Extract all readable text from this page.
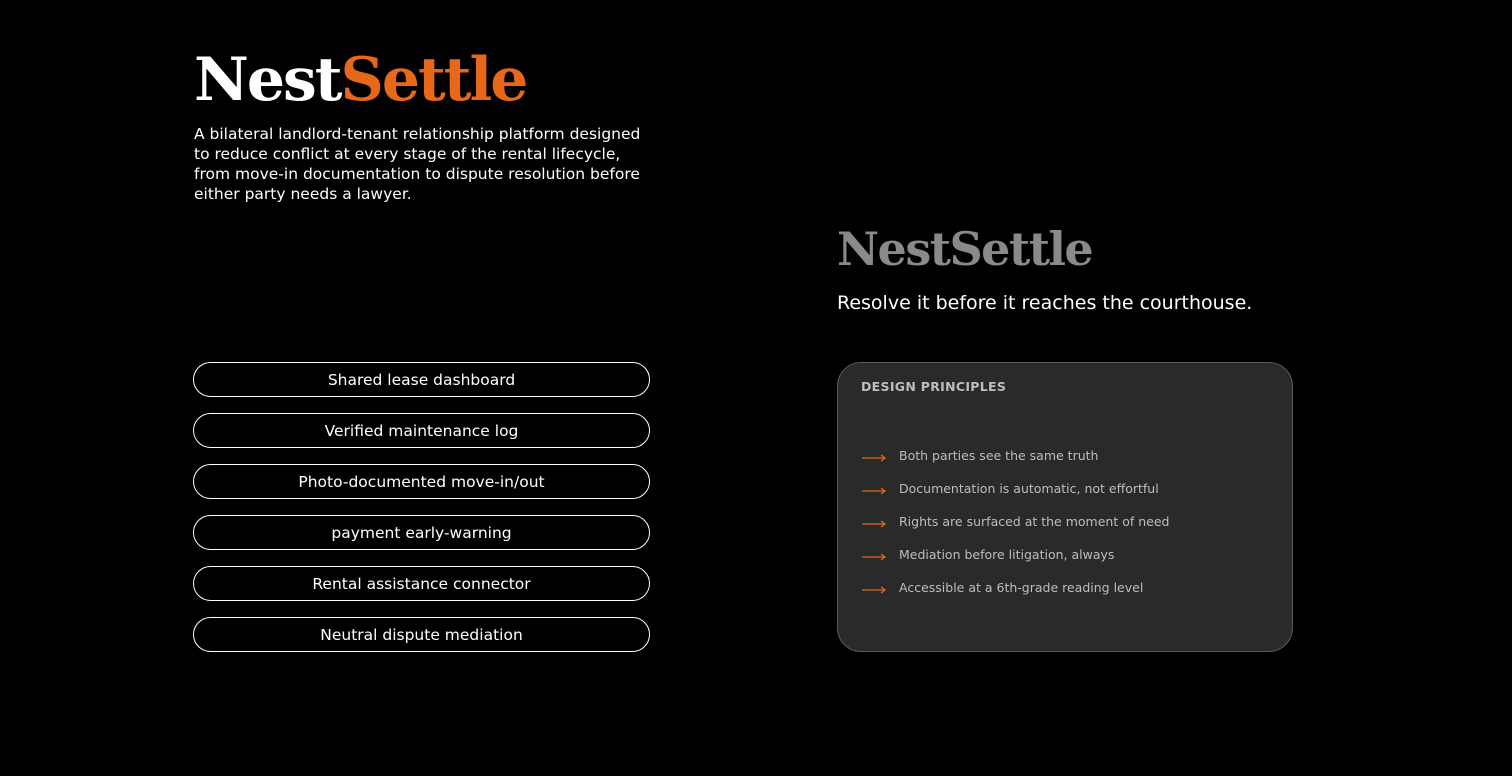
NestSettle

A bilateral landlord-tenant relationship platform designed to reduce conflict at every stage of the rental lifecycle, from move-in documentation to dispute resolution before either party needs a lawyer.

Shared lease dashboard
Verified maintenance log
Photo-documented move-in/out
payment early-warning
Rental assistance connector
Neutral dispute mediation
NestSettle

Resolve it before it reaches the courthouse.

DESIGN PRINCIPLES

Both parties see the same truth
Documentation is automatic, not effortful
Rights are surfaced at the moment of need
Mediation before litigation, always
Accessible at a 6th-grade reading level
